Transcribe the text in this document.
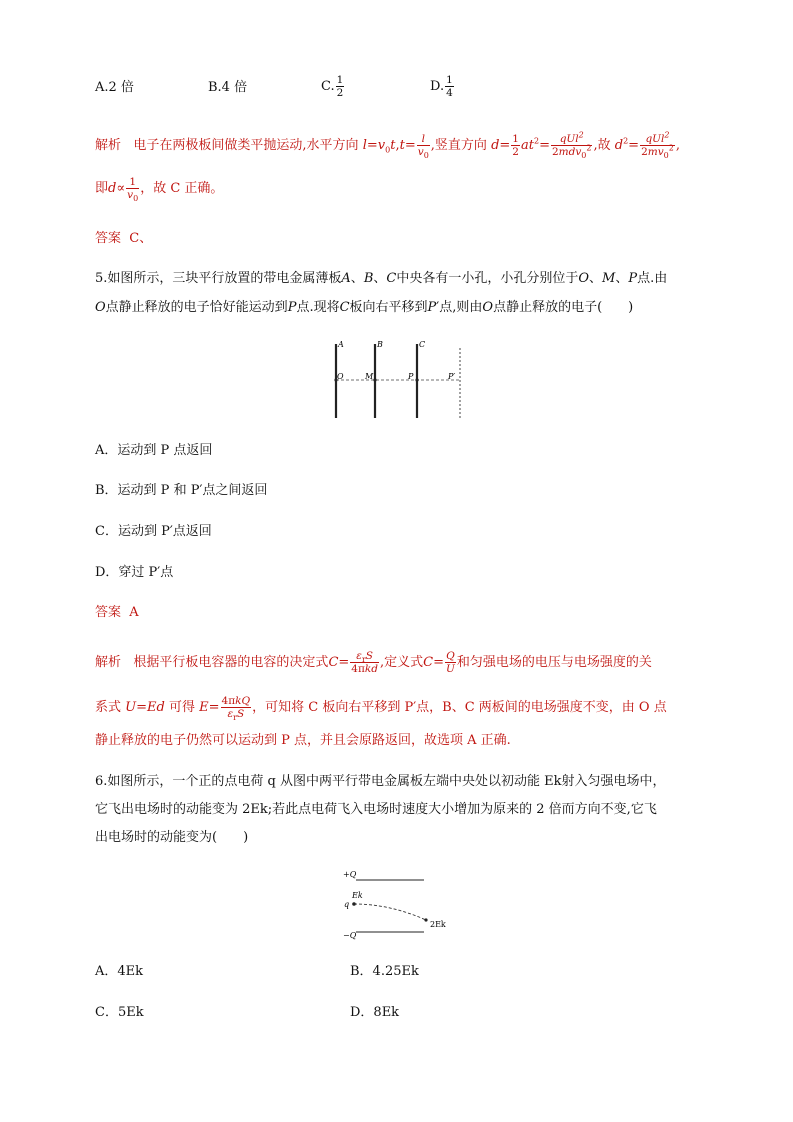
A.2 倍	B.4 倍	C. $\frac{1}{2}$	D. $\frac{1}{4}$
解析 电子在两极板间做类平抛运动,水平方向 $l=v_0t,t= \frac{l}{v_0}$ ,竖直方向 $d= \frac{1}{2} at^2= \frac{qUl^2}{2mdv_0^2}$ ,故 $d^2= \frac{qUl^2}{2mv_0^2}$ ,
即$d\propto \frac{1}{v_0}$ ，故 C 正确。
答案 C、
5.如图所示，三块平行放置的带电金属薄板A、B、C中央各有一小孔，小孔分别位于O、M、P点.由
O点静止释放的电子恰好能运动到P点.现将C板向右平移到P′点,则由O点静止释放的电子(　　)
A	B	C
O	M	P	P′
A．运动到 P 点返回
B．运动到 P 和 P′点之间返回
C．运动到 P′点返回
D．穿过 P′点
答案 A
解析 根据平行板电容器的电容的决定式$C= \frac{\varepsilon_rS}{\text{4πkd}}$ ,定义式$C= \frac{Q}{U}$ 和匀强电场的电压与电场强度的关
系式 U=Ed 可得 $E= \frac{\text{4πkQ}}{\varepsilon_rS}$ ，可知将 C 板向右平移到 P′点，B、C 两板间的电场强度不变，由 O 点
静止释放的电子仍然可以运动到 P 点，并且会原路返回，故选项 A 正确.
6.如图所示，一个正的点电荷 q 从图中两平行带电金属板左端中央处以初动能 Ek射入匀强电场中，
它飞出电场时的动能变为 2Ek;若此点电荷飞入电场时速度大小增加为原来的 2 倍而方向不变,它飞
出电场时的动能变为(　　)
+Q
−Q
q
Ek
2Ek
A．4Ek	B．4.25Ek
C．5Ek	D．8Ek
